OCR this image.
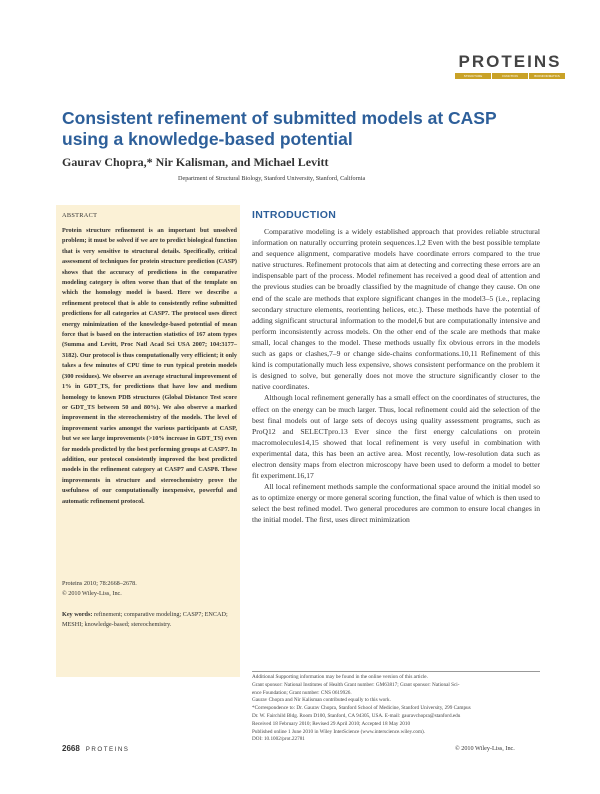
PROTEINS
STRUCTURE	FUNCTION	BIOINFORMATICS
Consistent refinement of submitted models at CASP using a knowledge-based potential
Gaurav Chopra,* Nir Kalisman, and Michael Levitt
Department of Structural Biology, Stanford University, Stanford, California
ABSTRACT
Protein structure refinement is an important but unsolved problem; it must be solved if we are to predict biological function that is very sensitive to structural details. Specifically, critical assessment of techniques for protein structure prediction (CASP) shows that the accuracy of predictions in the comparative modeling category is often worse than that of the template on which the homology model is based. Here we describe a refinement protocol that is able to consistently refine submitted predictions for all categories at CASP7. The protocol uses direct energy minimization of the knowledge-based potential of mean force that is based on the interaction statistics of 167 atom types (Summa and Levitt, Proc Natl Acad Sci USA 2007; 104:3177–3182). Our protocol is thus computationally very efficient; it only takes a few minutes of CPU time to run typical protein models (300 residues). We observe an average structural improvement of 1% in GDT_TS, for predictions that have low and medium homology to known PDB structures (Global Distance Test score or GDT_TS between 50 and 80%). We also observe a marked improvement in the stereochemistry of the models. The level of improvement varies amongst the various participants at CASP, but we see large improvements (>10% increase in GDT_TS) even for models predicted by the best performing groups at CASP7. In addition, our protocol consistently improved the best predicted models in the refinement category at CASP7 and CASP8. These improvements in structure and stereochemistry prove the usefulness of our computationally inexpensive, powerful and automatic refinement protocol.
Proteins 2010; 78:2668–2678.
© 2010 Wiley-Liss, Inc.
Key words: refinement; comparative modeling; CASP7; ENCAD; MESHI; knowledge-based; stereochemistry.
INTRODUCTION

Comparative modeling is a widely established approach that provides reliable structural information on naturally occurring protein sequences.1,2 Even with the best possible template and sequence alignment, comparative models have coordinate errors compared to the true native structures. Refinement protocols that aim at detecting and correcting these errors are an indispensable part of the process. Model refinement has received a good deal of attention and the previous studies can be broadly classified by the magnitude of change they cause. On one end of the scale are methods that explore significant changes in the model3–5 (i.e., replacing secondary structure elements, reorienting helices, etc.). These methods have the potential of adding significant structural information to the model,6 but are computationally intensive and perform inconsistently across models. On the other end of the scale are methods that make small, local changes to the model. These methods usually fix obvious errors in the models such as gaps or clashes,7–9 or change side-chains conformations.10,11 Refinement of this kind is computationally much less expensive, shows consistent performance on the problem it is designed to solve, but generally does not move the structure significantly closer to the native coordinates.

Although local refinement generally has a small effect on the coordinates of structures, the effect on the energy can be much larger. Thus, local refinement could aid the selection of the best final models out of large sets of decoys using quality assessment programs, such as ProQ12 and SELECTpro.13 Ever since the first energy calculations on protein macromolecules14,15 showed that local refinement is very useful in combination with experimental data, this has been an active area. Most recently, low-resolution data such as electron density maps from electron microscopy have been used to deform a model to better fit experiment.16,17

All local refinement methods sample the conformational space around the initial model so as to optimize energy or more general scoring function, the final value of which is then used to select the best refined model. Two general procedures are common to ensure local changes in the initial model. The first, uses direct minimization

Additional Supporting information may be found in the online version of this article.
Grant sponsor: National Institutes of Health Grant number: GM63817; Grant sponsor: National Sci-
ence Foundation; Grant number: CNS 0619926.
Gaurav Chopra and Nir Kalisman contributed equally to this work.
*Correspondence to: Dr. Gaurav Chopra, Stanford School of Medicine, Stanford University, 299 Campus
Dr. W. Fairchild Bldg. Room D100, Stanford, CA 94305, USA. E-mail: gauravchopra@stanford.edu
Received 18 February 2010; Revised 29 April 2010; Accepted 18 May 2010
Published online 1 June 2010 in Wiley InterScience (www.interscience.wiley.com).
DOI: 10.1002/prot.22781
2668 PROTEINS	© 2010 Wiley-Liss, Inc.
